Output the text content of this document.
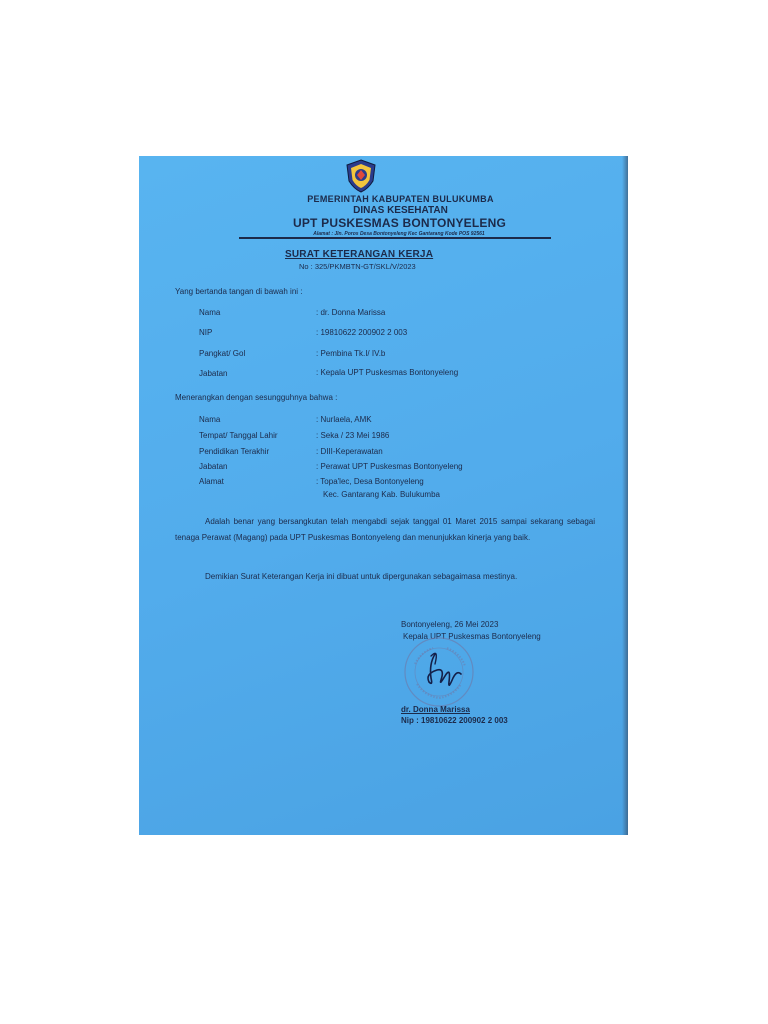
PEMERINTAH KABUPATEN BULUKUMBA
DINAS KESEHATAN
UPT PUSKESMAS BONTONYELENG
Alamat : Jln. Poros Desa Bontonyeleng Kec Gantarang Kode POS 92561
SURAT KETERANGAN KERJA
No : 325/PKMBTN-GT/SKL/V/2023
Yang bertanda tangan di bawah ini :
Nama	: dr. Donna Marissa
NIP	: 19810622 200902 2 003
Pangkat/ Gol	: Pembina Tk.I/ IV.b
Jabatan	: Kepala UPT Puskesmas Bontonyeleng
Menerangkan dengan sesungguhnya bahwa :
Nama	: Nurlaela, AMK
Tempat/ Tanggal Lahir	: Seka / 23 Mei 1986
Pendidikan Terakhir	: DIII-Keperawatan
Jabatan	: Perawat UPT Puskesmas Bontonyeleng
Alamat	: Topa'lec, Desa Bontonyeleng
Kec. Gantarang Kab. Bulukumba
Adalah benar yang bersangkutan telah mengabdi sejak tanggal 01 Maret 2015 sampai sekarang sebagai tenaga Perawat (Magang) pada UPT Puskesmas Bontonyeleng dan menunjukkan kinerja yang baik.
Demikian Surat Keterangan Kerja ini dibuat untuk dipergunakan sebagaimasa mestinya.
Bontonyeleng, 26 Mei 2023
Kepala UPT Puskesmas Bontonyeleng
dr. Donna Marissa
Nip : 19810622 200902 2 003
